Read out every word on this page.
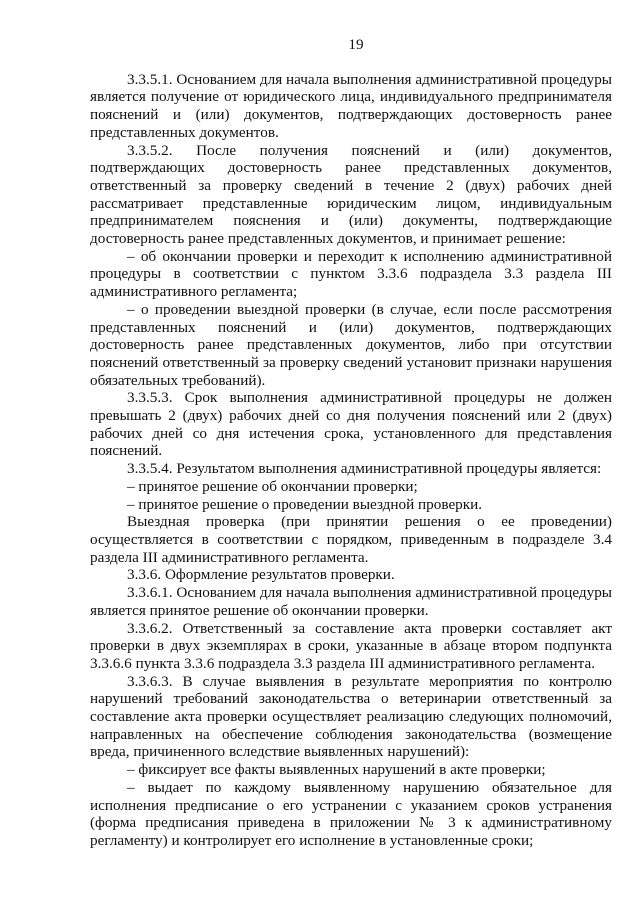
19

3.3.5.1. Основанием для начала выполнения административной процедуры является получение от юридического лица, индивидуального предпринимателя пояснений и (или) документов, подтверждающих достоверность ранее представленных документов.

3.3.5.2. После получения пояснений и (или) документов, подтверждающих достоверность ранее представленных документов, ответственный за проверку сведений в течение 2 (двух) рабочих дней рассматривает представленные юридическим лицом, индивидуальным предпринимателем пояснения и (или) документы, подтверждающие достоверность ранее представленных документов, и принимает решение:

– об окончании проверки и переходит к исполнению административной процедуры в соответствии с пунктом 3.3.6 подраздела 3.3 раздела III административного регламента;

– о проведении выездной проверки (в случае, если после рассмотрения представленных пояснений и (или) документов, подтверждающих достоверность ранее представленных документов, либо при отсутствии пояснений ответственный за проверку сведений установит признаки нарушения обязательных требований).

3.3.5.3. Срок выполнения административной процедуры не должен превышать 2 (двух) рабочих дней со дня получения пояснений или 2 (двух) рабочих дней со дня истечения срока, установленного для представления пояснений.

3.3.5.4. Результатом выполнения административной процедуры является:

– принятое решение об окончании проверки;

– принятое решение о проведении выездной проверки.

Выездная проверка (при принятии решения о ее проведении) осуществляется в соответствии с порядком, приведенным в подразделе 3.4 раздела III административного регламента.

3.3.6. Оформление результатов проверки.

3.3.6.1. Основанием для начала выполнения административной процедуры является принятое решение об окончании проверки.

3.3.6.2. Ответственный за составление акта проверки составляет акт проверки в двух экземплярах в сроки, указанные в абзаце втором подпункта 3.3.6.6 пункта 3.3.6 подраздела 3.3 раздела III административного регламента.

3.3.6.3. В случае выявления в результате мероприятия по контролю нарушений требований законодательства о ветеринарии ответственный за составление акта проверки осуществляет реализацию следующих полномочий, направленных на обеспечение соблюдения законодательства (возмещение вреда, причиненного вследствие выявленных нарушений):

– фиксирует все факты выявленных нарушений в акте проверки;

– выдает по каждому выявленному нарушению обязательное для исполнения предписание о его устранении с указанием сроков устранения (форма предписания приведена в приложении № 3 к административному регламенту) и контролирует его исполнение в установленные сроки;
